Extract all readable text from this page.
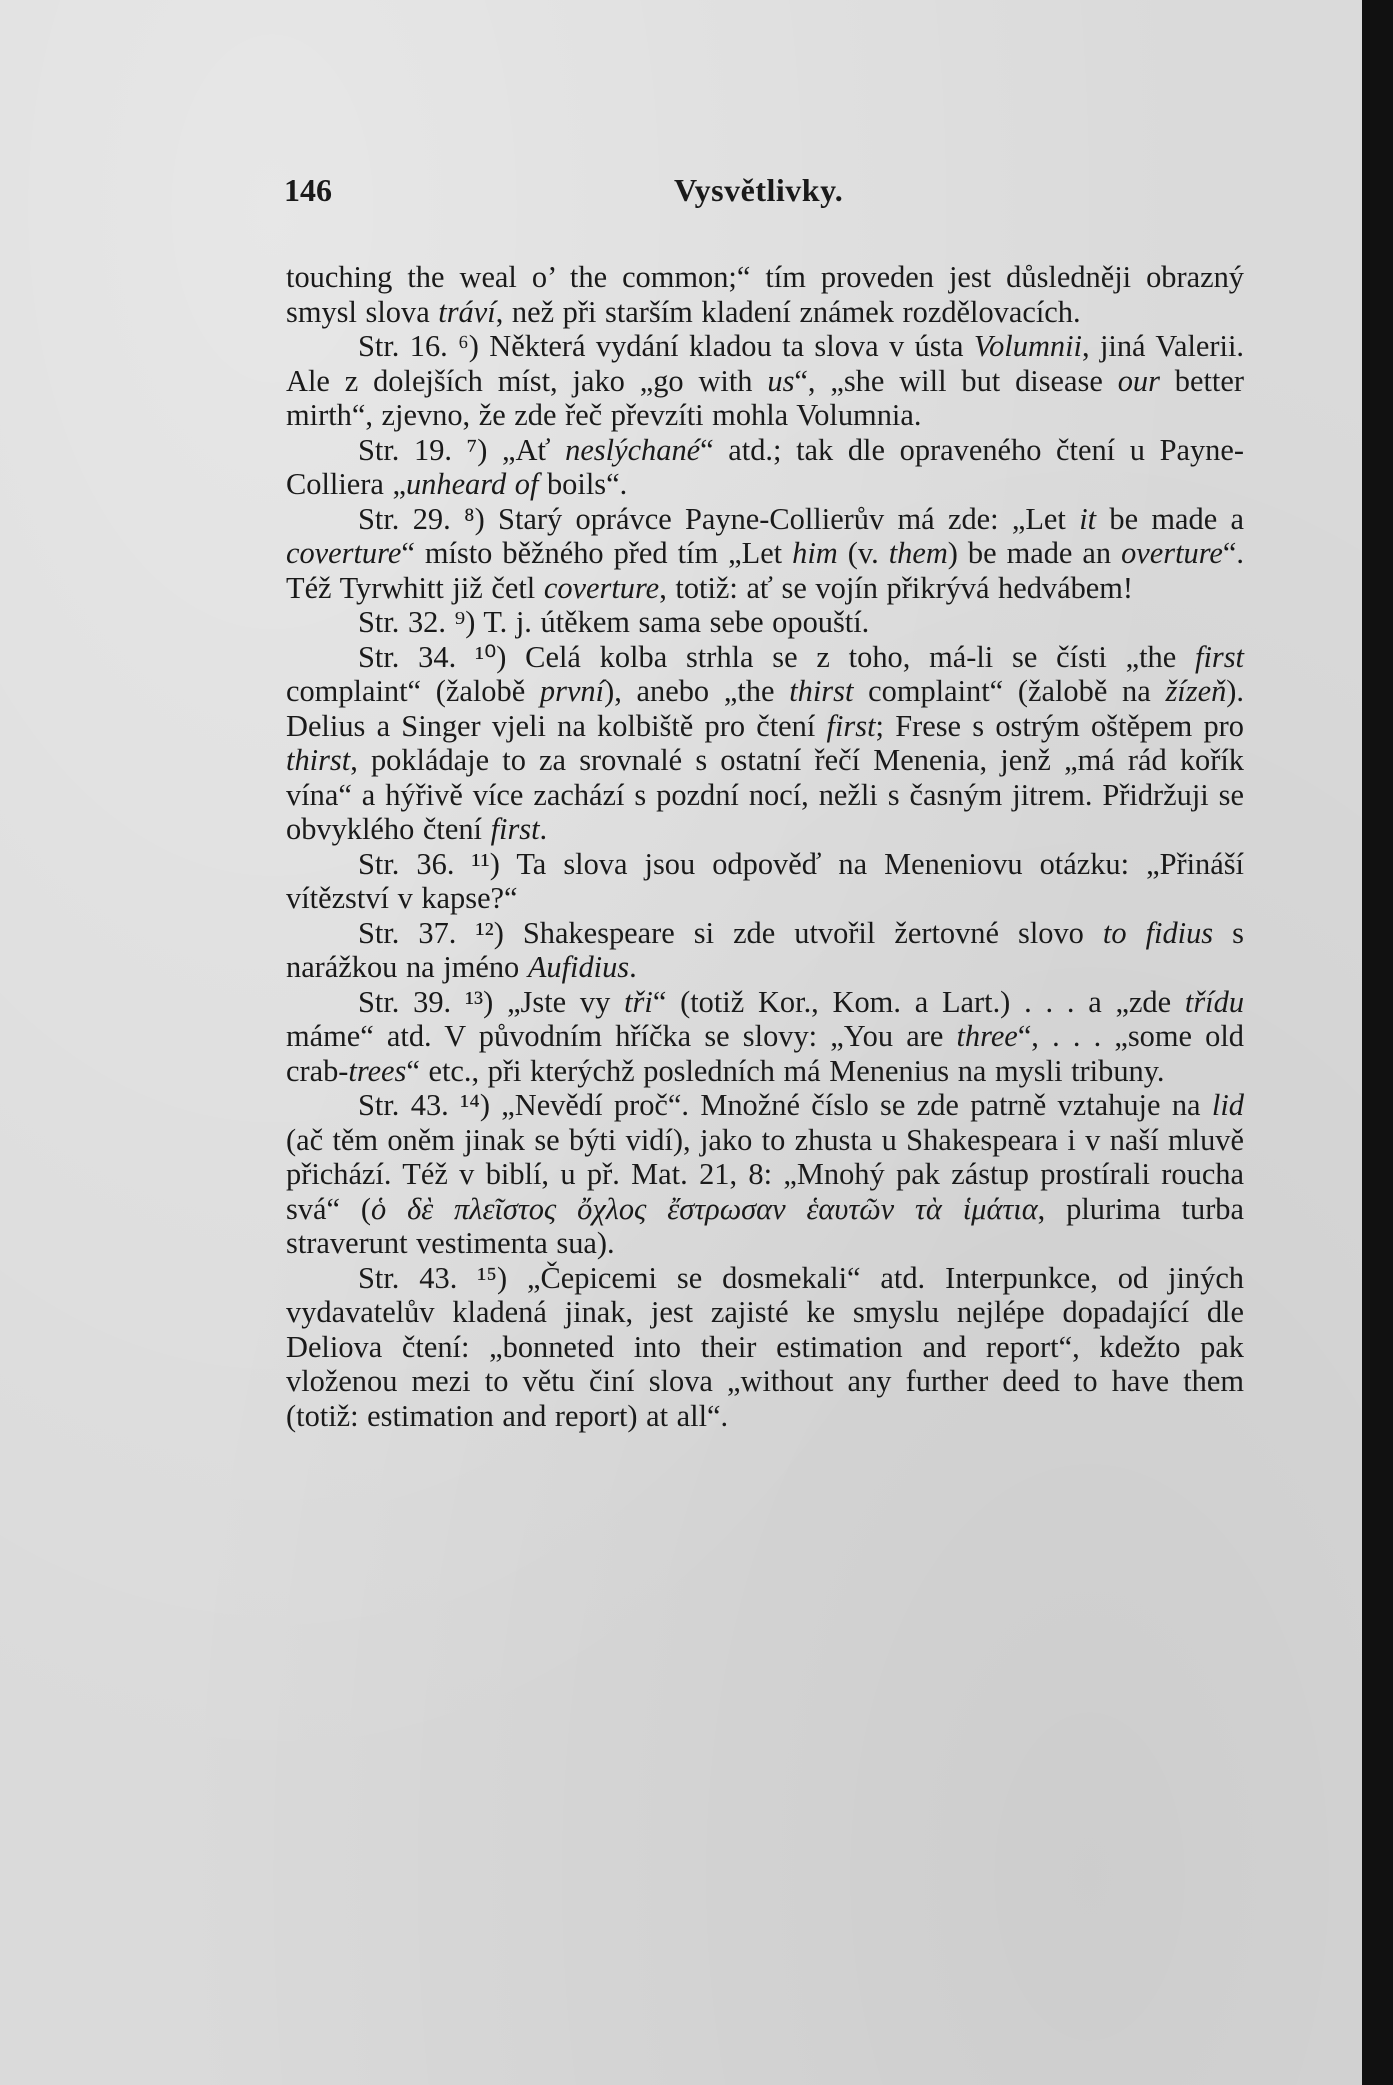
146	Vysvětlivky.

touching the weal o’ the common;“ tím proveden jest důsledněji obrazný smysl slova tráví, než při starším kladení známek rozdělovacích.

Str. 16. ⁶) Některá vydání kladou ta slova v ústa Volumnii, jiná Valerii. Ale z dolejších míst, jako „go with us“, „she will but disease our better mirth“, zjevno, že zde řeč převzíti mohla Volumnia.

Str. 19. ⁷) „Ať neslýchané“ atd.; tak dle opraveného čtení u Payne-Colliera „unheard of boils“.

Str. 29. ⁸) Starý oprávce Payne-Collierův má zde: „Let it be made a coverture“ místo běžného před tím „Let him (v. them) be made an overture“. Též Tyrwhitt již četl coverture, totiž: ať se vojín přikrývá hedvábem!

Str. 32. ⁹) T. j. útěkem sama sebe opouští.

Str. 34. ¹⁰) Celá kolba strhla se z toho, má-li se čísti „the first complaint“ (žalobě první), anebo „the thirst complaint“ (žalobě na žízeň). Delius a Singer vjeli na kolbiště pro čtení first; Frese s ostrým oštěpem pro thirst, pokládaje to za srovnalé s ostatní řečí Menenia, jenž „má rád kořík vína“ a hýřivě více zachází s pozdní nocí, nežli s časným jitrem. Přidržuji se obvyklého čtení first.

Str. 36. ¹¹) Ta slova jsou odpověď na Meneniovu otázku: „Přináší vítězství v kapse?“

Str. 37. ¹²) Shakespeare si zde utvořil žertovné slovo to fidius s narážkou na jméno Aufidius.

Str. 39. ¹³) „Jste vy tři“ (totiž Kor., Kom. a Lart.) . . . a „zde třídu máme“ atd. V původním hříčka se slovy: „You are three“, . . . „some old crab-trees“ etc., při kterýchž posledních má Menenius na mysli tribuny.

Str. 43. ¹⁴) „Nevědí proč“. Množné číslo se zde patrně vztahuje na lid (ač těm oněm jinak se býti vidí), jako to zhusta u Shakespeara i v naší mluvě přichází. Též v biblí, u př. Mat. 21, 8: „Mnohý pak zástup prostírali roucha svá“ (ὁ δὲ πλεῖστος ὄχλος ἔστρωσαν ἑαυτῶν τὰ ἱμάτια, plurima turba straverunt vestimenta sua).

Str. 43. ¹⁵) „Čepicemi se dosmekali“ atd. Interpunkce, od jiných vydavatelův kladená jinak, jest zajisté ke smyslu nejlépe dopadající dle Deliova čtení: „bonneted into their estimation and report“, kdežto pak vloženou mezi to větu činí slova „without any further deed to have them (totiž: estimation and report) at all“.
